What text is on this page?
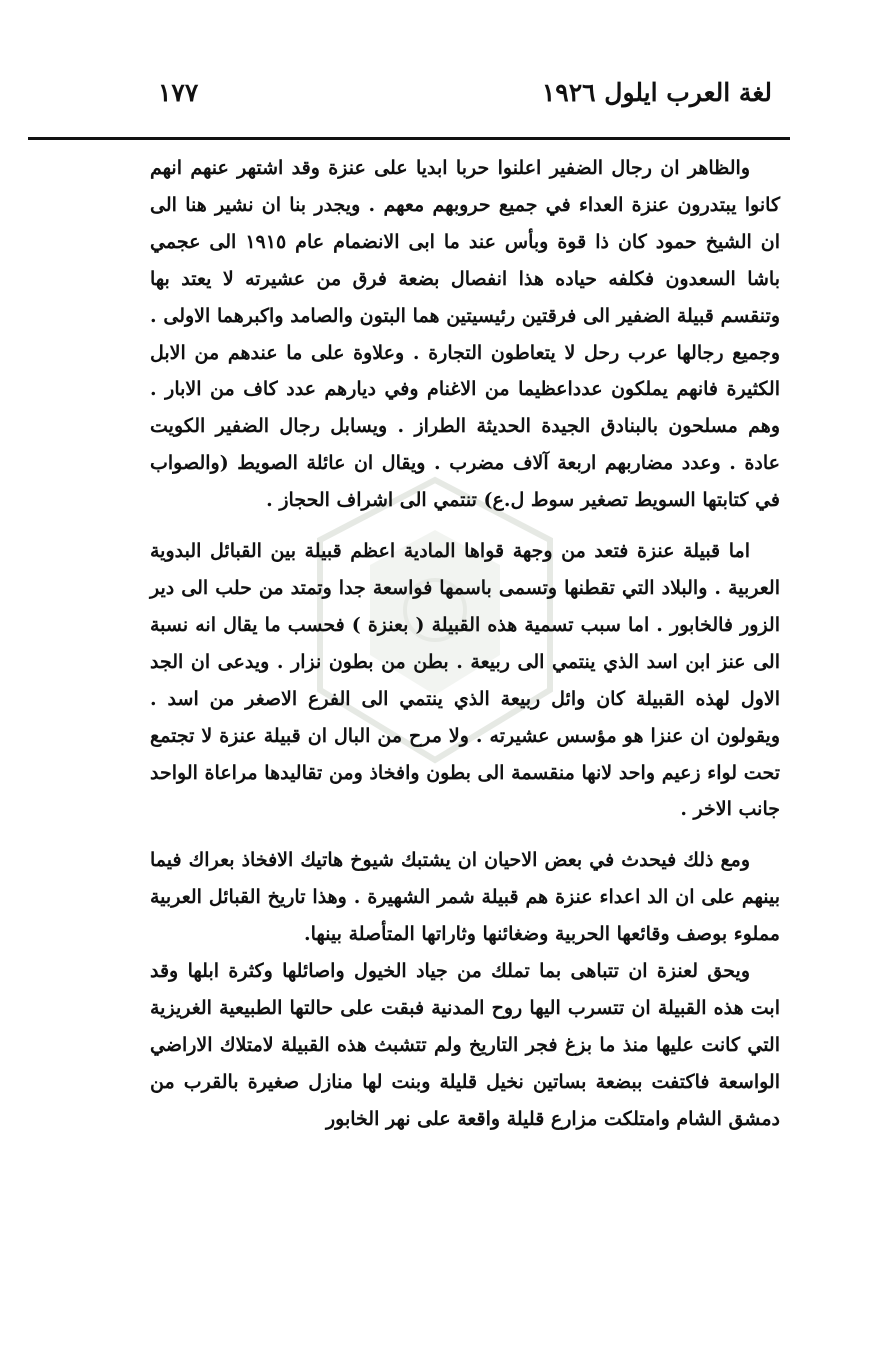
لغة العرب ايلول ١٩٢٦
١٧٧

والظاهر ان رجال الضفير اعلنوا حربا ابديا على عنزة وقد اشتهر عنهم انهم كانوا يبتدرون عنزة العداء في جميع حروبهم معهم . ويجدر بنا ان نشير هنا الى ان الشيخ حمود كان ذا قوة وبأس عند ما ابى الانضمام عام ١٩١٥ الى عجمي باشا السعدون فكلفه حياده هذا انفصال بضعة فرق من عشيرته لا يعتد بها وتنقسم قبيلة الضفير الى فرقتين رئيسيتين هما البتون والصامد واكبرهما الاولى . وجميع رجالها عرب رحل لا يتعاطون التجارة . وعلاوة على ما عندهم من الابل الكثيرة فانهم يملكون عدداعظيما من الاغنام وفي ديارهم عدد كاف من الابار . وهم مسلحون بالبنادق الجيدة الحديثة الطراز . ويسابل رجال الضفير الكويت عادة . وعدد مضاربهم اربعة آلاف مضرب . ويقال ان عائلة الصويط (والصواب في كتابتها السويط تصغير سوط ل.ع) تنتمي الى اشراف الحجاز .

اما قبيلة عنزة فتعد من وجهة قواها المادية اعظم قبيلة بين القبائل البدوية العربية . والبلاد التي تقطنها وتسمى باسمها فواسعة جدا وتمتد من حلب الى دير الزور فالخابور . اما سبب تسمية هذه القبيلة ( بعنزة ) فحسب ما يقال انه نسبة الى عنز ابن اسد الذي ينتمي الى ربيعة . بطن من بطون نزار . ويدعى ان الجد الاول لهذه القبيلة كان وائل ربيعة الذي ينتمي الى الفرع الاصغر من اسد . ويقولون ان عنزا هو مؤسس عشيرته . ولا مرح من البال ان قبيلة عنزة لا تجتمع تحت لواء زعيم واحد لانها منقسمة الى بطون وافخاذ ومن تقاليدها مراعاة الواحد جانب الاخر .

ومع ذلك فيحدث في بعض الاحيان ان يشتبك شيوخ هاتيك الافخاذ بعراك فيما بينهم على ان الد اعداء عنزة هم قبيلة شمر الشهيرة . وهذا تاريخ القبائل العربية مملوء بوصف وقائعها الحربية وضغائنها وثاراتها المتأصلة بينها.

ويحق لعنزة ان تتباهى بما تملك من جياد الخيول واصائلها وكثرة ابلها وقد ابت هذه القبيلة ان تتسرب اليها روح المدنية فبقت على حالتها الطبيعية الغريزية التي كانت عليها منذ ما بزغ فجر التاريخ ولم تتشبث هذه القبيلة لامتلاك الاراضي الواسعة فاكتفت ببضعة بساتين نخيل قليلة وبنت لها منازل صغيرة بالقرب من دمشق الشام وامتلكت مزارع قليلة واقعة على نهر الخابور
